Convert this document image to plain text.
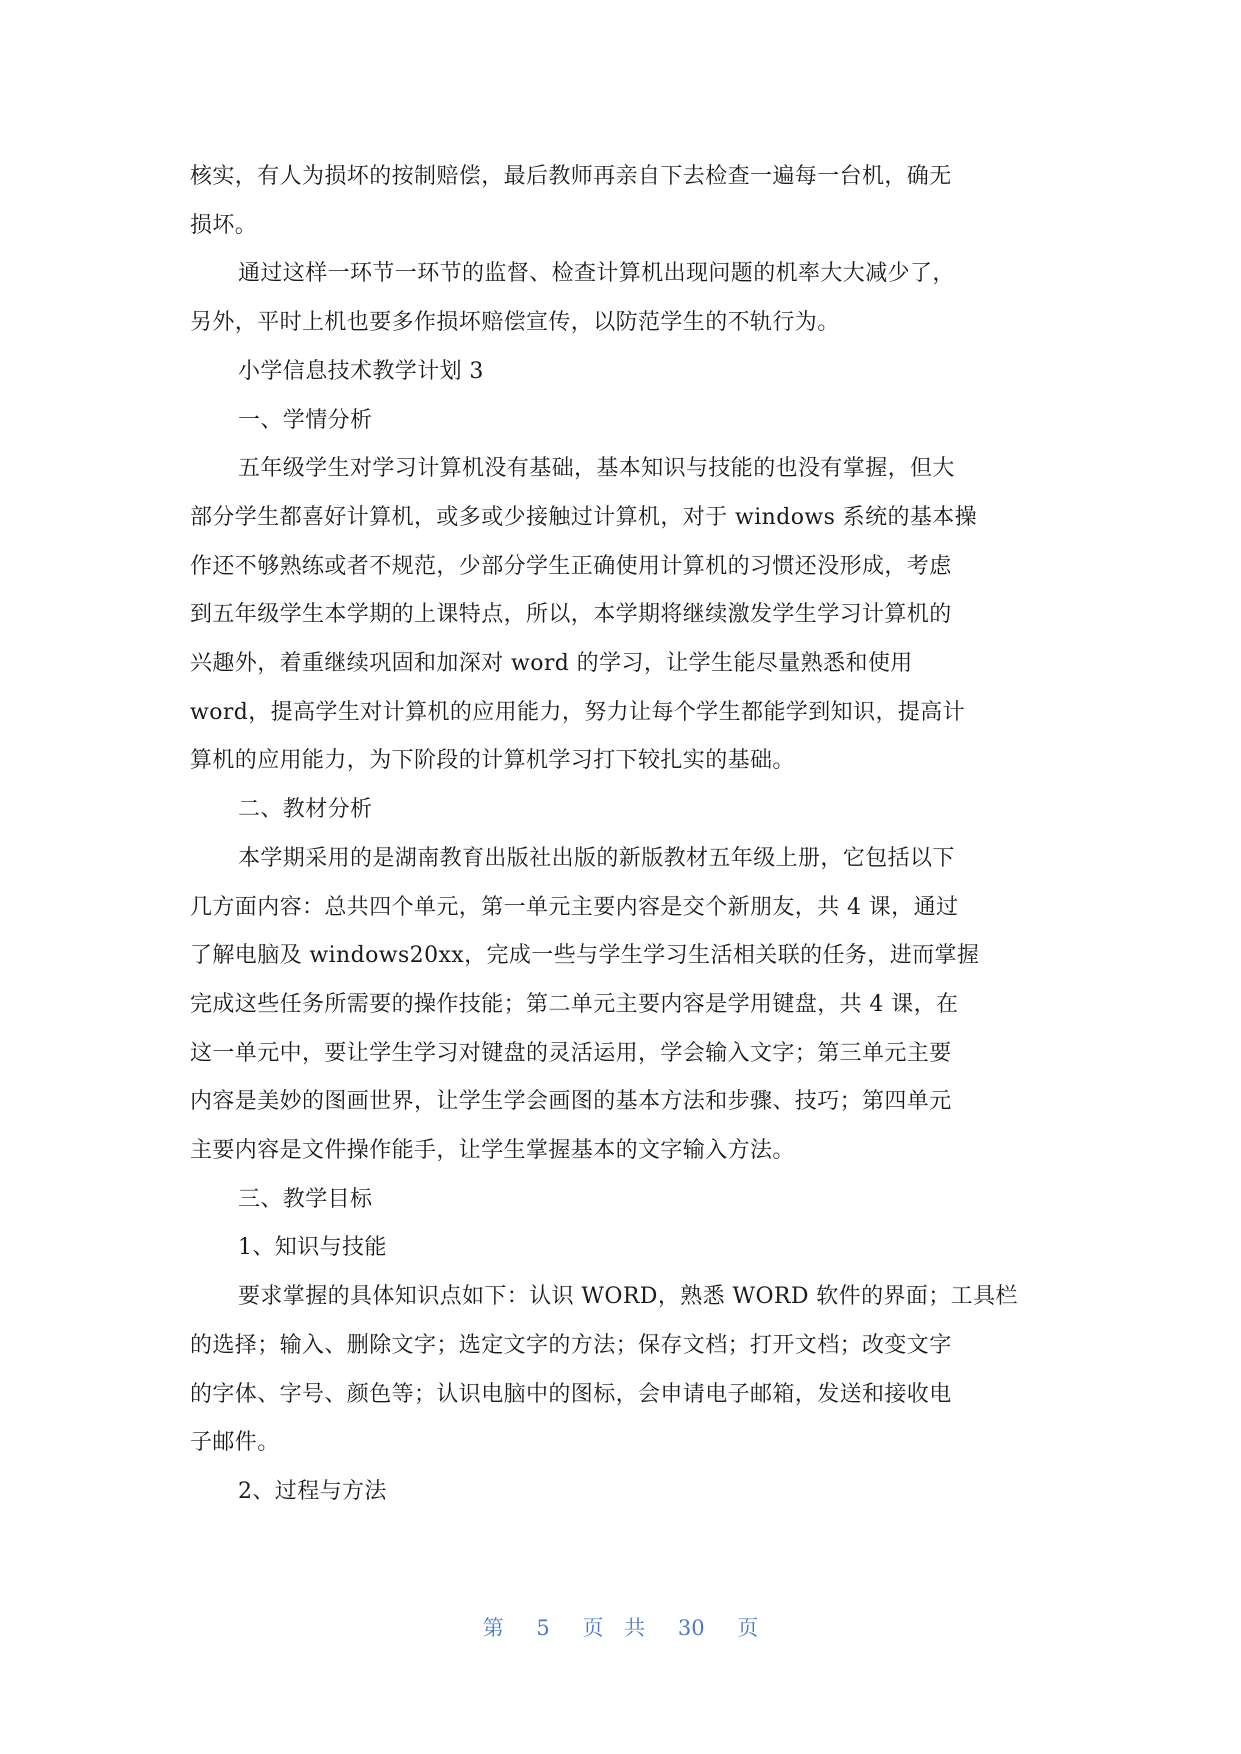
核实，有人为损坏的按制赔偿，最后教师再亲自下去检查一遍每一台机，确无
损坏。

通过这样一环节一环节的监督、检查计算机出现问题的机率大大减少了，
另外，平时上机也要多作损坏赔偿宣传，以防范学生的不轨行为。

小学信息技术教学计划 3

一、学情分析

五年级学生对学习计算机没有基础，基本知识与技能的也没有掌握，但大
部分学生都喜好计算机，或多或少接触过计算机，对于 windows 系统的基本操
作还不够熟练或者不规范，少部分学生正确使用计算机的习惯还没形成，考虑
到五年级学生本学期的上课特点，所以，本学期将继续激发学生学习计算机的
兴趣外，着重继续巩固和加深对 word 的学习，让学生能尽量熟悉和使用
word，提高学生对计算机的应用能力，努力让每个学生都能学到知识，提高计
算机的应用能力，为下阶段的计算机学习打下较扎实的基础。

二、教材分析

本学期采用的是湖南教育出版社出版的新版教材五年级上册，它包括以下
几方面内容：总共四个单元，第一单元主要内容是交个新朋友，共 4 课，通过
了解电脑及 windows20xx，完成一些与学生学习生活相关联的任务，进而掌握
完成这些任务所需要的操作技能；第二单元主要内容是学用键盘，共 4 课，在
这一单元中，要让学生学习对键盘的灵活运用，学会输入文字；第三单元主要
内容是美妙的图画世界，让学生学会画图的基本方法和步骤、技巧；第四单元
主要内容是文件操作能手，让学生掌握基本的文字输入方法。

三、教学目标

1、知识与技能

要求掌握的具体知识点如下：认识 WORD，熟悉 WORD 软件的界面；工具栏
的选择；输入、删除文字；选定文字的方法；保存文档；打开文档；改变文字
的字体、字号、颜色等；认识电脑中的图标，会申请电子邮箱，发送和接收电
子邮件。

2、过程与方法

第 5 页 共 30 页
